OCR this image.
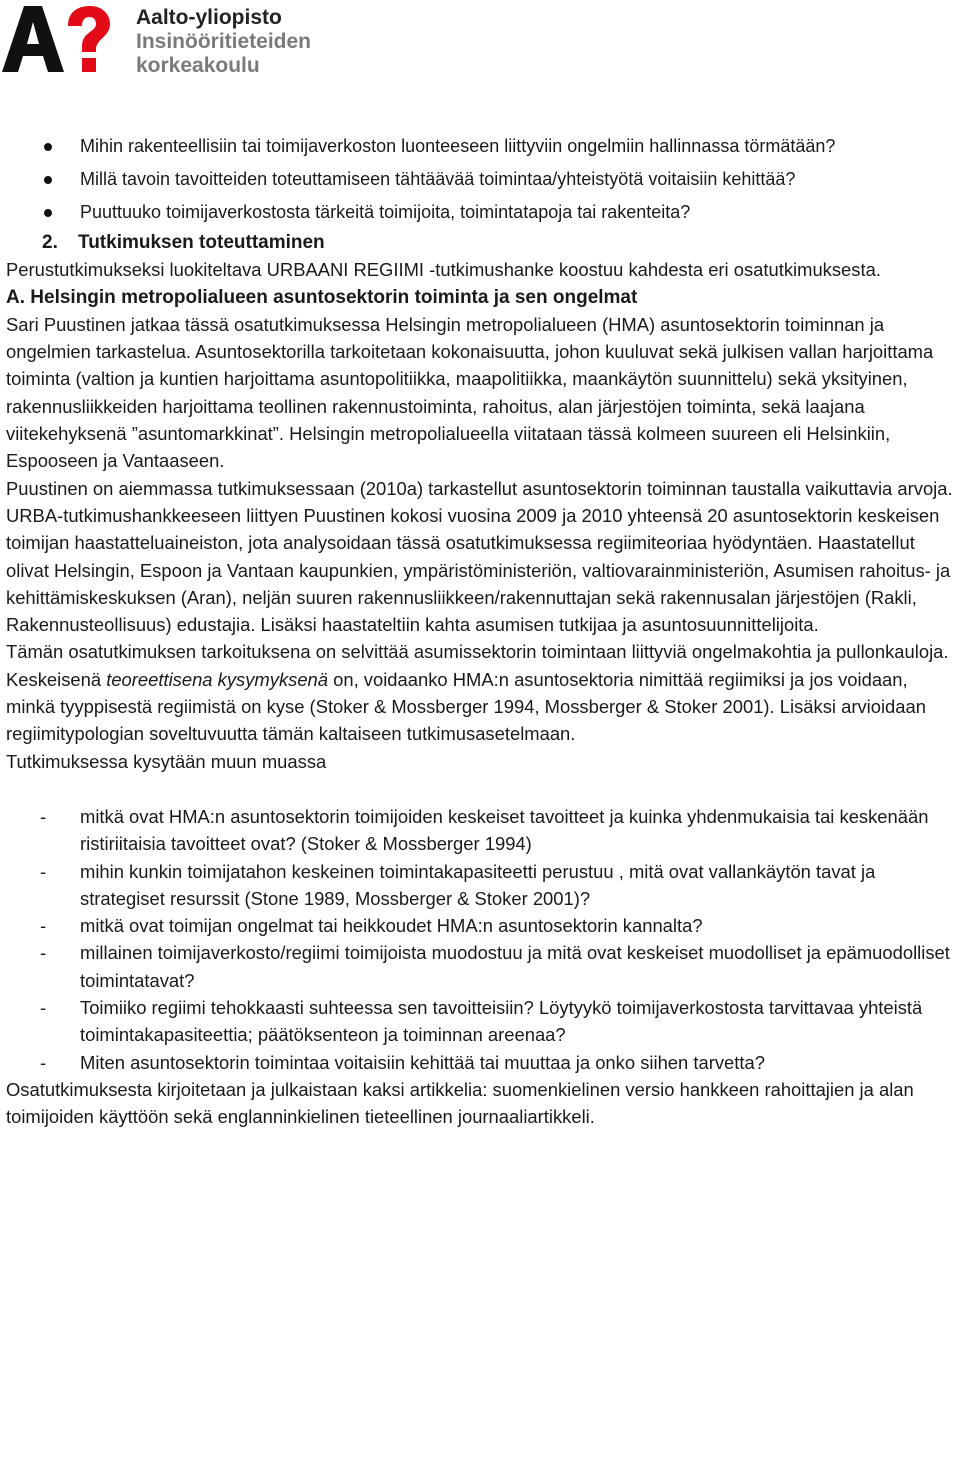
Aalto-yliopisto
Insinööritieteiden
korkeakoulu
Mihin rakenteellisiin tai toimijaverkoston luonteeseen liittyviin ongelmiin hallinnassa törmätään?
Millä tavoin tavoitteiden toteuttamiseen tähtäävää toimintaa/yhteistyötä voitaisiin kehittää?
Puuttuuko toimijaverkostosta tärkeitä toimijoita, toimintatapoja tai rakenteita?

2. Tutkimuksen toteuttaminen

Perustutkimukseksi luokiteltava URBAANI REGIIMI -tutkimushanke koostuu kahdesta eri osatutkimuksesta.

A. Helsingin metropolialueen asuntosektorin toiminta ja sen ongelmat

Sari Puustinen jatkaa tässä osatutkimuksessa Helsingin metropolialueen (HMA) asuntosektorin toiminnan ja ongelmien tarkastelua. Asuntosektorilla tarkoitetaan kokonaisuutta, johon kuuluvat sekä julkisen vallan harjoittama toiminta (valtion ja kuntien harjoittama asuntopolitiikka, maapolitiikka, maankäytön suunnittelu) sekä yksityinen, rakennusliikkeiden harjoittama teollinen rakennustoiminta, rahoitus, alan järjestöjen toiminta, sekä laajana viitekehyksenä ”asuntomarkkinat”. Helsingin metropolialueella viitataan tässä kolmeen suureen eli Helsinkiin, Espooseen ja Vantaaseen.

Puustinen on aiemmassa tutkimuksessaan (2010a) tarkastellut asuntosektorin toiminnan taustalla vaikuttavia arvoja. URBA-tutkimushankkeeseen liittyen Puustinen kokosi vuosina 2009 ja 2010 yhteensä 20 asuntosektorin keskeisen toimijan haastatteluaineiston, jota analysoidaan tässä osatutkimuksessa regiimiteoriaa hyödyntäen. Haastatellut olivat Helsingin, Espoon ja Vantaan kaupunkien, ympäristöministeriön, valtiovarainministeriön, Asumisen rahoitus- ja kehittämiskeskuksen (Aran), neljän suuren rakennusliikkeen/rakennuttajan sekä rakennusalan järjestöjen (Rakli, Rakennusteollisuus) edustajia. Lisäksi haastateltiin kahta asumisen tutkijaa ja asuntosuunnittelijoita.

Tämän osatutkimuksen tarkoituksena on selvittää asumissektorin toimintaan liittyviä ongelmakohtia ja pullonkauloja. Keskeisenä teoreettisena kysymyksenä on, voidaanko HMA:n asuntosektoria nimittää regiimiksi ja jos voidaan, minkä tyyppisestä regiimistä on kyse (Stoker & Mossberger 1994, Mossberger & Stoker 2001). Lisäksi arvioidaan regiimitypologian soveltuvuutta tämän kaltaiseen tutkimusasetelmaan.

Tutkimuksessa kysytään muun muassa

- mitkä ovat HMA:n asuntosektorin toimijoiden keskeiset tavoitteet ja kuinka yhdenmukaisia tai keskenään ristiriitaisia tavoitteet ovat? (Stoker & Mossberger 1994)
- mihin kunkin toimijatahon keskeinen toimintakapasiteetti perustuu , mitä ovat vallankäytön tavat ja strategiset resurssit (Stone 1989, Mossberger & Stoker 2001)?
- mitkä ovat toimijan ongelmat tai heikkoudet HMA:n asuntosektorin kannalta?
- millainen toimijaverkosto/regiimi toimijoista muodostuu ja mitä ovat keskeiset muodolliset ja epämuodolliset toimintatavat?
- Toimiiko regiimi tehokkaasti suhteessa sen tavoitteisiin? Löytyykö toimijaverkostosta tarvittavaa yhteistä toimintakapasiteettia; päätöksenteon ja toiminnan areenaa?
- Miten asuntosektorin toimintaa voitaisiin kehittää tai muuttaa ja onko siihen tarvetta?

Osatutkimuksesta kirjoitetaan ja julkaistaan kaksi artikkelia: suomenkielinen versio hankkeen rahoittajien ja alan toimijoiden käyttöön sekä englanninkielinen tieteellinen journaaliartikkeli.
